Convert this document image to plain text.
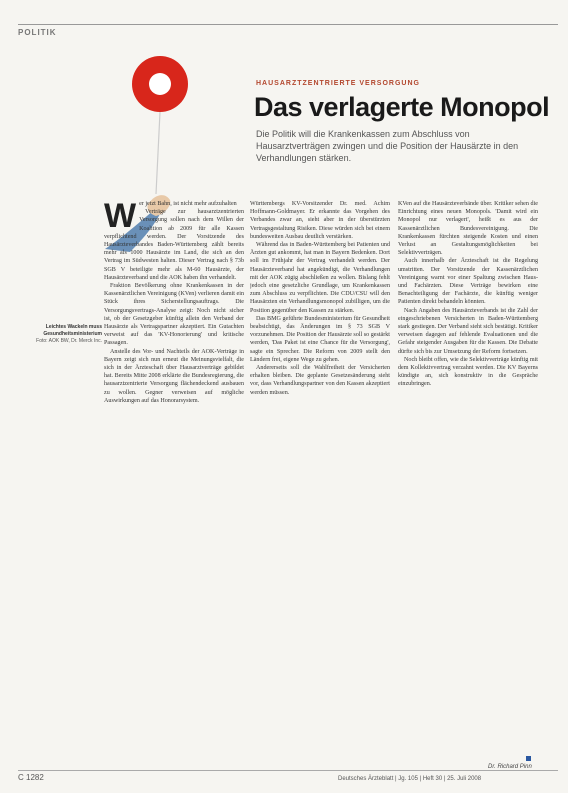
POLITIK
Leichtes Wackeln muss Gesundheitsministerium
Foto: AOK BW, Dr. Merck Inc.
HAUSARZTZENTRIERTE VERSORGUNG
Das verlagerte Monopol
Die Politik will die Krankenkassen zum Abschluss von Hausarztverträgen zwingen und die Position der Hausärzte in den Verhandlungen stärken.
W er jetzt Bahn, ist nicht mehr aufzuhalten

Verträge zur hausarztzentrierten Versorgung sollen nach dem Willen der Koalition ab 2009 für alle Kassen verpflichtend werden. Der Vorsitzende des Hausärzteverbandes Baden-Württemberg zählt bereits mehr als 1000 Hausärzte im Land, die sich an den Vertrag im Südwesten halten. Dieser Vertrag nach § 73b SGB V beteiligte mehr als M-60 Hausärzte, der Hausärzteverband und die AOK haben ihn verhandelt.

Fraktion Bevölkerung ohne Krankenkassen in der Kassenärztlichen Vereinigung (KVen) verlieren damit ein Stück ihres Sicherstellungsauftrags. Die Versorgungsvertrags-Analyse zeigt: Noch nicht sicher ist, ob der Gesetzgeber künftig allein den Verband der Hausärzte als Vertragspartner akzeptiert. Ein Gutachten verweist auf das 'KV-Honorierung' und kritische Passagen.

Anstelle des Vor- und Nachteils der AOK-Verträge in Bayern zeigt sich nun erneut die Meinungsvielfalt, die sich in der Ärzteschaft über Hausarztverträge gebildet hat. Bereits Mitte 2008 erklärte die Bundesregierung, die hausarztzentrierte Versorgung flächendeckend ausbauen zu wollen. Gegner verweisen auf mögliche Auswirkungen auf das Honorarsystem.

Württembergs KV-Vorsitzender Dr. med. Achim Hoffmann-Goldmayer. Er erkannte das Vorgehen des Verbandes zwar an, sieht aber in der überstürzten Vertragsgestaltung Risiken. Diese würden sich bei einem bundesweiten Ausbau deutlich verstärken.

Während das in Baden-Württemberg bei Patienten und Ärzten gut ankommt, hat man in Bayern Bedenken. Dort soll im Frühjahr der Vertrag verhandelt werden. Der Hausärzteverband hat angekündigt, die Verhandlungen mit der AOK zügig abschließen zu wollen. Bislang fehlt jedoch eine gesetzliche Grundlage, um Krankenkassen zum Abschluss zu verpflichten. Die CDU/CSU will den Hausärzten ein Verhandlungsmonopol zubilligen, um die Position gegenüber den Kassen zu stärken.

Das BMG geführte Bundesministerium für Gesundheit beabsichtigt, das Änderungen im § 73 SGB V vorzunehmen. Die Position der Hausärzte soll so gestärkt werden, 'Das Paket ist eine Chance für die Versorgung', sagte ein Sprecher. Die Reform von 2009 stellt den Ländern frei, eigene Wege zu gehen.

Andererseits soll die Wahlfreiheit der Versicherten erhalten bleiben. Die geplante Gesetzesänderung sieht vor, dass Verhandlungspartner von den Kassen akzeptiert werden müssen.

KVen auf die Hausärzteverbände über. Kritiker sehen die Einrichtung eines neuen Monopols. 'Damit wird ein Monopol nur verlagert', heißt es aus der Kassenärztlichen Bundesvereinigung. Die Krankenkassen fürchten steigende Kosten und einen Verlust an Gestaltungsmöglichkeiten bei Selektivverträgen.

Auch innerhalb der Ärzteschaft ist die Regelung umstritten. Der Vorsitzende der Kassenärztlichen Vereinigung warnt vor einer Spaltung zwischen Haus- und Fachärzten. Diese Verträge bewirken eine Benachteiligung der Fachärzte, die künftig weniger Patienten direkt behandeln könnten.

Nach Angaben des Hausärzteverbands ist die Zahl der eingeschriebenen Versicherten in Baden-Württemberg stark gestiegen. Der Verband sieht sich bestätigt. Kritiker verweisen dagegen auf fehlende Evaluationen und die Gefahr steigender Ausgaben für die Kassen. Die Debatte dürfte sich bis zur Umsetzung der Reform fortsetzen.

Noch bleibt offen, wie die Selektivverträge künftig mit dem Kollektivvertrag verzahnt werden. Die KV Bayerns kündigte an, sich konstruktiv in die Gespräche einzubringen.

Dr. Richard Pinn
C 1282	Deutsches Ärzteblatt | Jg. 105 | Heft 30 | 25. Juli 2008
